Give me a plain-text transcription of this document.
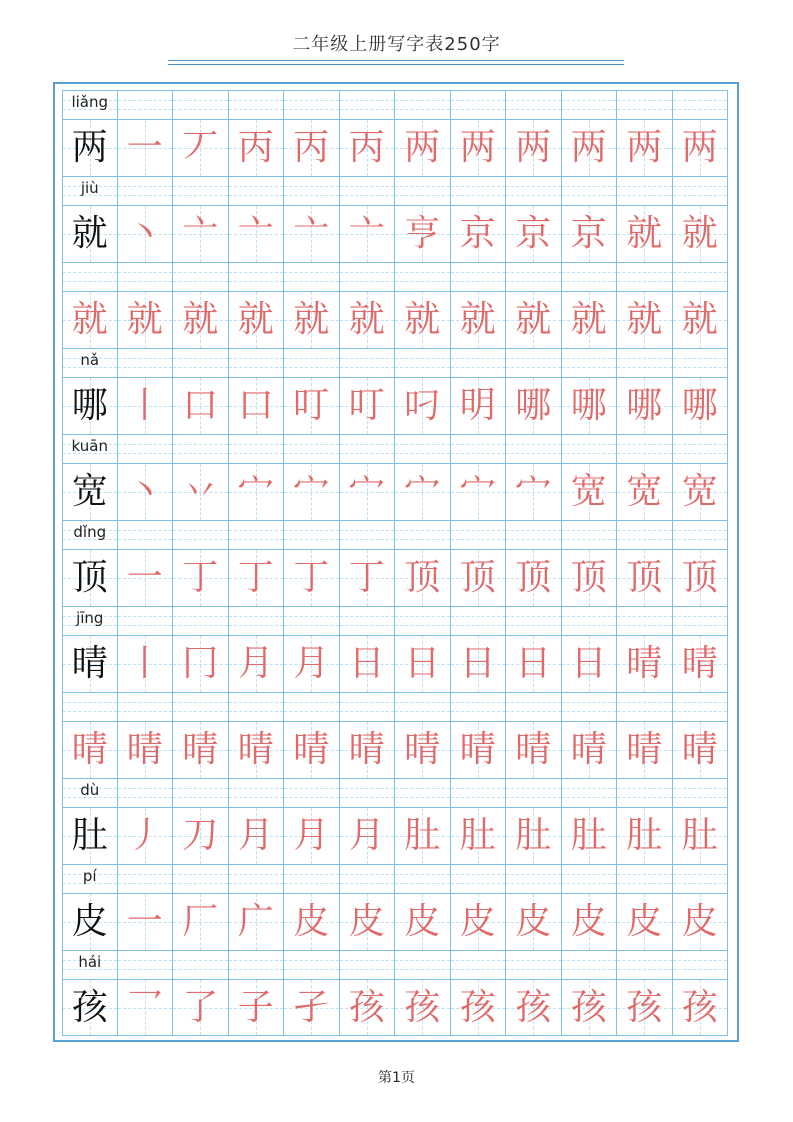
二年级上册写字表250字
liǎng
两 一 丆 丙 丙 丙 两 两 两 两 两 两
jiù
就 丶 亠 亠 亠 亠 亨 京 京 京 就 就
就 就 就 就 就 就 就 就 就 就 就 就
nǎ
哪 丨 口 口 叮 叮 叼 明 哪 哪 哪 哪
kuān
宽 丶 丷 宀 宀 宀 宀 宀 宀 宽 宽 宽
dǐng
顶 一 丁 丁 丁 丁 顶 顶 顶 顶 顶 顶
jīng
晴 丨 冂 月 月 日 日 日 日 日 晴 晴
晴 晴 晴 晴 晴 晴 晴 晴 晴 晴 晴 晴
dù
肚 丿 刀 月 月 月 肚 肚 肚 肚 肚 肚
pí
皮 一 厂 广 皮 皮 皮 皮 皮 皮 皮 皮
hái
孩 乛 了 子 孑 孩 孩 孩 孩 孩 孩 孩
第1页
